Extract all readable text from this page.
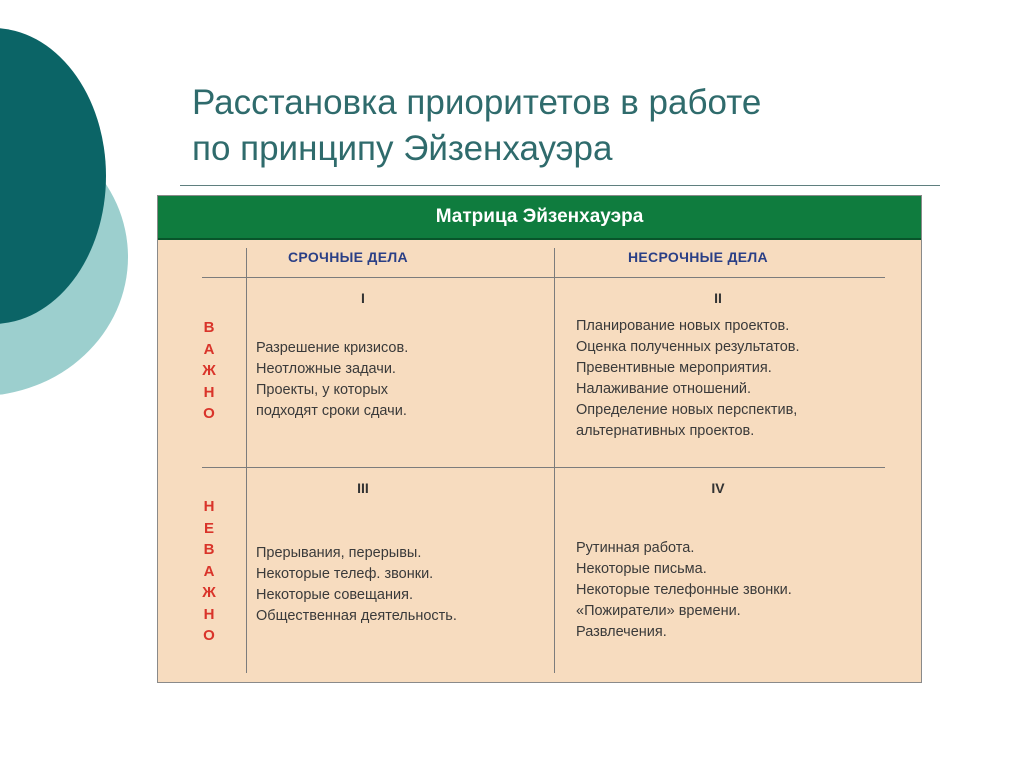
Расстановка приоритетов в работе
по принципу Эйзенхауэра
Матрица Эйзенхауэра
СРОЧНЫЕ ДЕЛА	НЕСРОЧНЫЕ ДЕЛА
В
А
Ж
Н
О
Н
Е
В
А
Ж
Н
О
I
Разрешение кризисов.
Неотложные задачи.
Проекты, у которых
подходят сроки сдачи.
II
Планирование новых проектов.
Оценка полученных результатов.
Превентивные мероприятия.
Налаживание отношений.
Определение новых перспектив,
альтернативных проектов.
III
Прерывания, перерывы.
Некоторые телеф. звонки.
Некоторые совещания.
Общественная деятельность.
IV
Рутинная работа.
Некоторые письма.
Некоторые телефонные звонки.
«Пожиратели» времени.
Развлечения.
